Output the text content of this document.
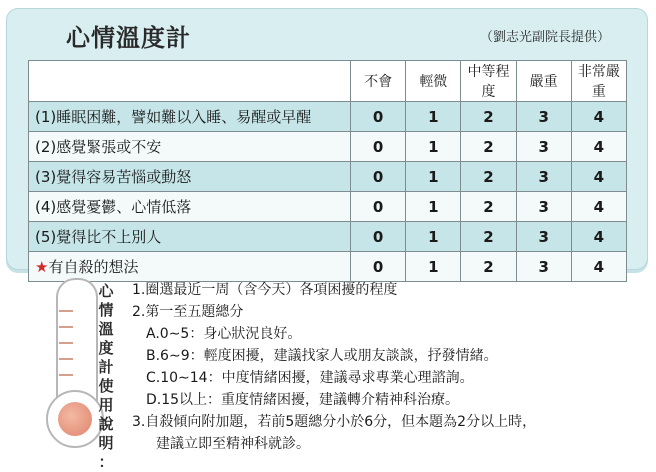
心情溫度計	（劉志光副院長提供）
	不會	輕微	中等程度	嚴重	非常嚴重
(1)睡眠困難，譬如難以入睡、易醒或早醒	0	1	2	3	4
(2)感覺緊張或不安	0	1	2	3	4
(3)覺得容易苦惱或動怒	0	1	2	3	4
(4)感覺憂鬱、心情低落	0	1	2	3	4
(5)覺得比不上別人	0	1	2	3	4
★有自殺的想法	0	1	2	3	4
心
情
溫
度
計
使
用
說
明
：
1.圈選最近一周（含今天）各項困擾的程度
2.第一至五題總分
A.0∼5：身心狀況良好。
B.6∼9：輕度困擾，建議找家人或朋友談談，抒發情緒。
C.10∼14：中度情緒困擾，建議尋求專業心理諮詢。
D.15以上：重度情緒困擾，建議轉介精神科治療。
3.自殺傾向附加題，若前5題總分小於6分，但本題為2分以上時，
建議立即至精神科就診。
